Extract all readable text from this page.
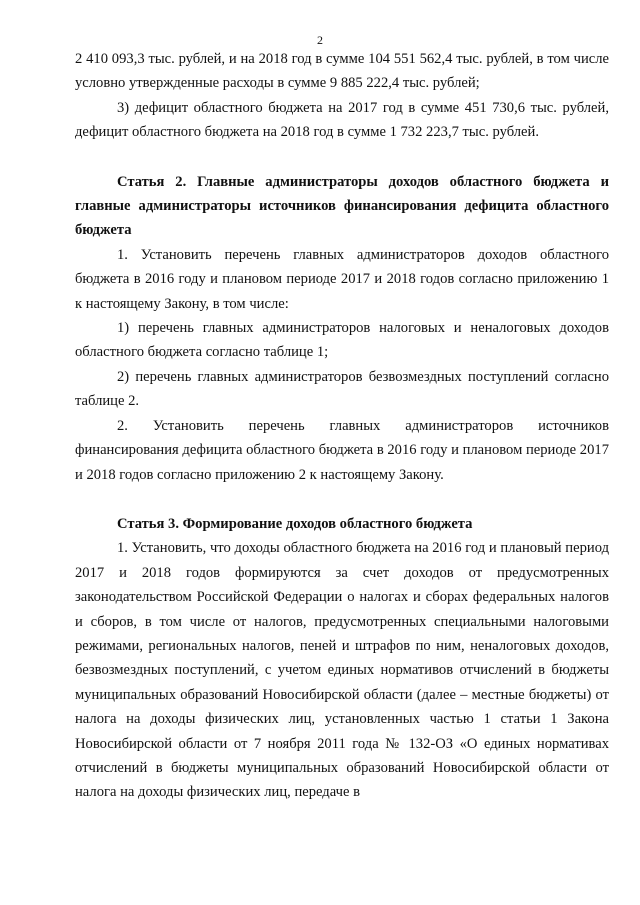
2

2 410 093,3 тыс. рублей, и на 2018 год в сумме 104 551 562,4 тыс. рублей, в том числе условно утвержденные расходы в сумме 9 885 222,4 тыс. рублей;

3) дефицит областного бюджета на 2017 год в сумме 451 730,6 тыс. рублей, дефицит областного бюджета на 2018 год в сумме 1 732 223,7 тыс. рублей.

Статья 2. Главные администраторы доходов областного бюджета и главные администраторы источников финансирования дефицита областного бюджета

1. Установить перечень главных администраторов доходов областного бюджета в 2016 году и плановом периоде 2017 и 2018 годов согласно приложению 1 к настоящему Закону, в том числе:

1) перечень главных администраторов налоговых и неналоговых доходов областного бюджета согласно таблице 1;

2) перечень главных администраторов безвозмездных поступлений согласно таблице 2.

2. Установить перечень главных администраторов источников финансирования дефицита областного бюджета в 2016 году и плановом периоде 2017 и 2018 годов согласно приложению 2 к настоящему Закону.

Статья 3. Формирование доходов областного бюджета

1. Установить, что доходы областного бюджета на 2016 год и плановый период 2017 и 2018 годов формируются за счет доходов от предусмотренных законодательством Российской Федерации о налогах и сборах федеральных налогов и сборов, в том числе от налогов, предусмотренных специальными налоговыми режимами, региональных налогов, пеней и штрафов по ним, неналоговых доходов, безвозмездных поступлений, с учетом единых нормативов отчислений в бюджеты муниципальных образований Новосибирской области (далее – местные бюджеты) от налога на доходы физических лиц, установленных частью 1 статьи 1 Закона Новосибирской области от 7 ноября 2011 года № 132-ОЗ «О единых нормативах отчислений в бюджеты муниципальных образований Новосибирской области от налога на доходы физических лиц, передаче в
